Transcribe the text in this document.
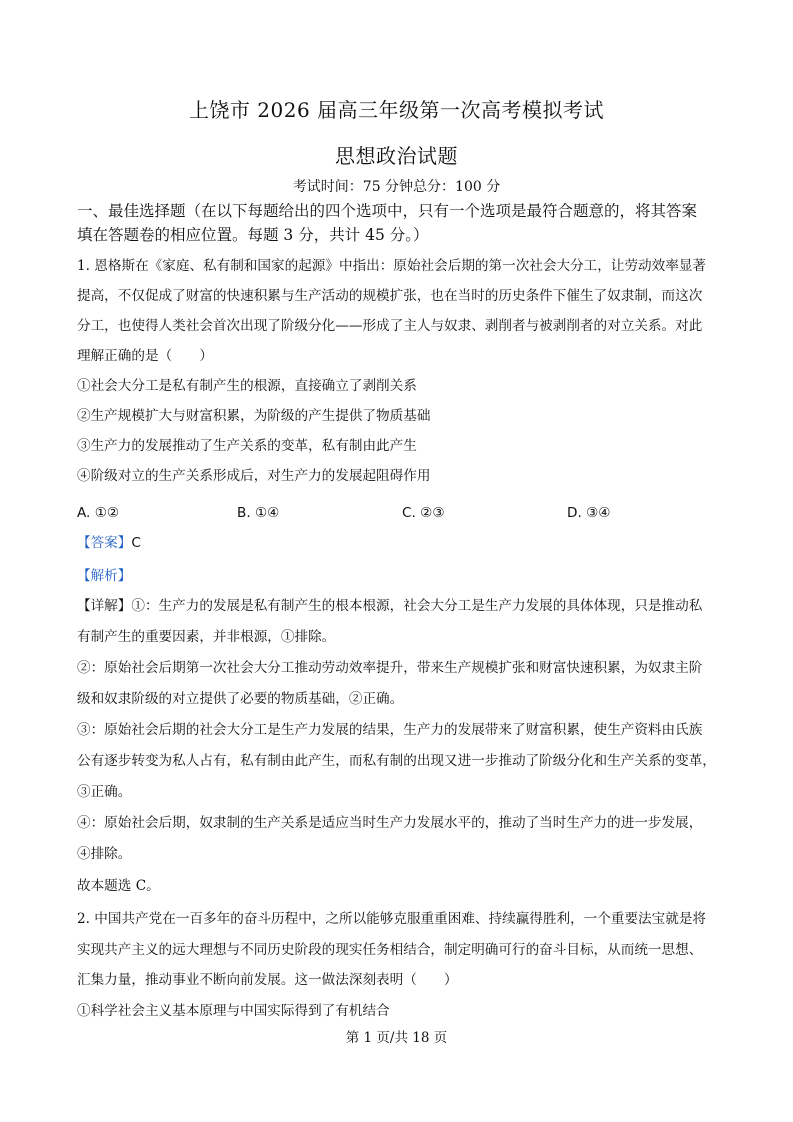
上饶市 2026 届高三年级第一次高考模拟考试
思想政治试题
考试时间：75 分钟总分：100 分
一、最佳选择题（在以下每题给出的四个选项中，只有一个选项是最符合题意的，将其答案
填在答题卷的相应位置。每题 3 分，共计 45 分。）
1. 恩格斯在《家庭、私有制和国家的起源》中指出：原始社会后期的第一次社会大分工，让劳动效率显著
提高，不仅促成了财富的快速积累与生产活动的规模扩张，也在当时的历史条件下催生了奴隶制，而这次
分工，也使得人类社会首次出现了阶级分化——形成了主人与奴隶、剥削者与被剥削者的对立关系。对此
理解正确的是（　　）
①社会大分工是私有制产生的根源，直接确立了剥削关系
②生产规模扩大与财富积累，为阶级的产生提供了物质基础
③生产力的发展推动了生产关系的变革，私有制由此产生
④阶级对立的生产关系形成后，对生产力的发展起阻碍作用
A. ①②	B. ①④	C. ②③	D. ③④
【答案】C
【解析】
【详解】①：生产力的发展是私有制产生的根本根源，社会大分工是生产力发展的具体体现，只是推动私
有制产生的重要因素，并非根源，①排除。
②：原始社会后期第一次社会大分工推动劳动效率提升，带来生产规模扩张和财富快速积累，为奴隶主阶
级和奴隶阶级的对立提供了必要的物质基础，②正确。
③：原始社会后期的社会大分工是生产力发展的结果，生产力的发展带来了财富积累，使生产资料由氏族
公有逐步转变为私人占有，私有制由此产生，而私有制的出现又进一步推动了阶级分化和生产关系的变革，
③正确。
④：原始社会后期，奴隶制的生产关系是适应当时生产力发展水平的，推动了当时生产力的进一步发展，
④排除。
故本题选 C。
2. 中国共产党在一百多年的奋斗历程中，之所以能够克服重重困难、持续赢得胜利，一个重要法宝就是将
实现共产主义的远大理想与不同历史阶段的现实任务相结合，制定明确可行的奋斗目标，从而统一思想、
汇集力量，推动事业不断向前发展。这一做法深刻表明（　　）
①科学社会主义基本原理与中国实际得到了有机结合
第 1 页/共 18 页
